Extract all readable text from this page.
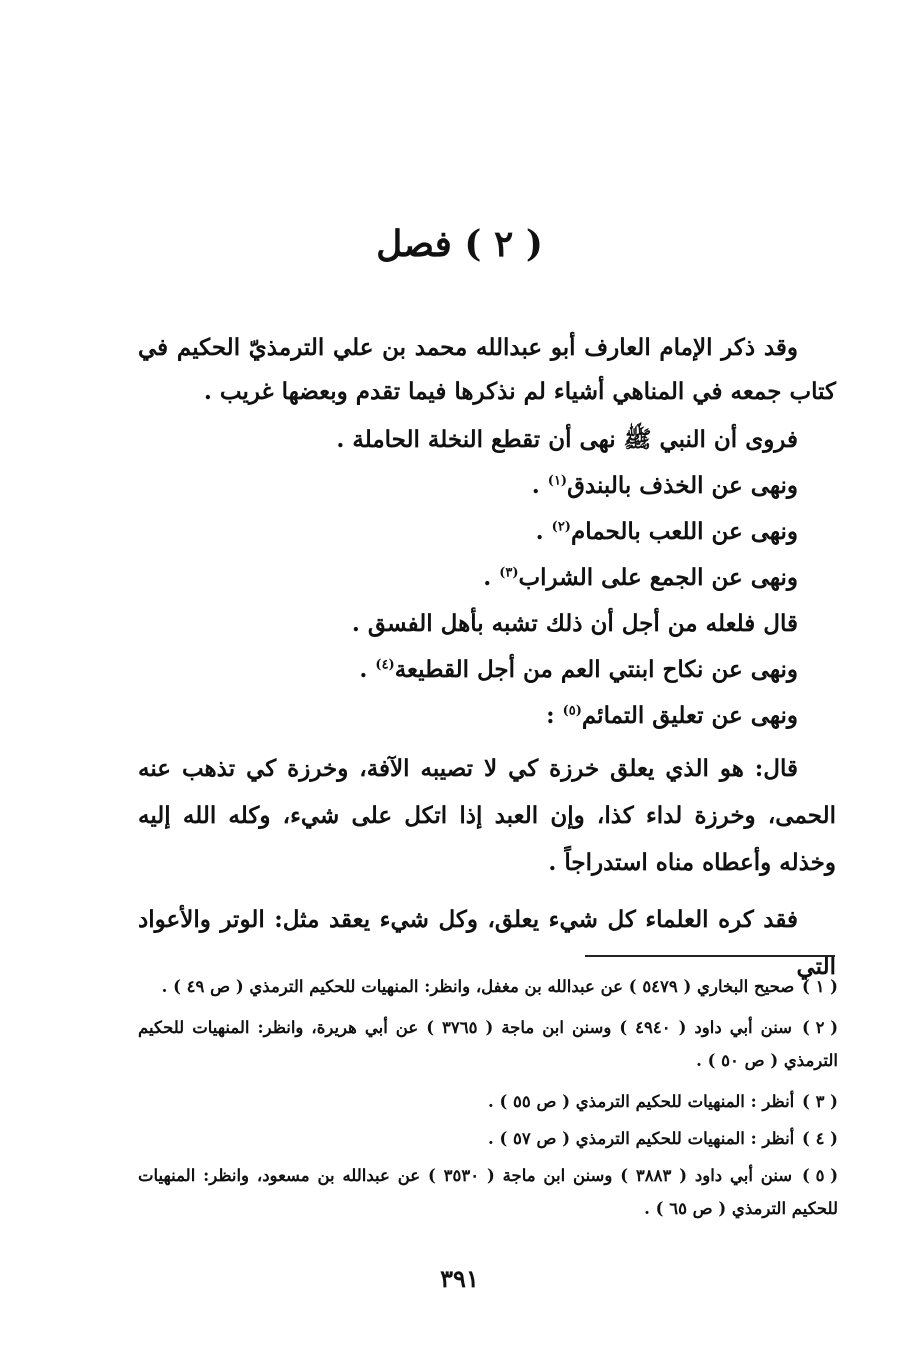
( ٢ ) فصل

وقد ذكر الإمام العارف أبو عبدالله محمد بن علي الترمذيّ الحكيم في كتاب جمعه في المناهي أشياء لم نذكرها فيما تقدم وبعضها غريب .

فروى أن النبي ﷺ نهى أن تقطع النخلة الحاملة .

ونهى عن الخذف بالبندق$^{(١)}$ .

ونهى عن اللعب بالحمام$^{(٢)}$ .

ونهى عن الجمع على الشراب$^{(٣)}$ .

قال فلعله من أجل أن ذلك تشبه بأهل الفسق .

ونهى عن نكاح ابنتي العم من أجل القطيعة$^{(٤)}$ .

ونهى عن تعليق التمائم$^{(٥)}$ :

قال: هو الذي يعلق خرزة كي لا تصيبه الآفة، وخرزة كي تذهب عنه الحمى، وخرزة لداء كذا، وإن العبد إذا اتكل على شيء، وكله الله إليه وخذله وأعطاه مناه استدراجاً .

فقد كره العلماء كل شيء يعلق، وكل شيء يعقد مثل: الوتر والأعواد التي

( ١ ) صحيح البخاري ( ٥٤٧٩ ) عن عبدالله بن مغفل، وانظر: المنهيات للحكيم الترمذي ( ص ٤٩ ) .

( ٢ ) سنن أبي داود ( ٤٩٤٠ ) وسنن ابن ماجة ( ٣٧٦٥ ) عن أبي هريرة، وانظر: المنهيات للحكيم الترمذي ( ص ٥٠ ) .

( ٣ ) أنظر : المنهيات للحكيم الترمذي ( ص ٥٥ ) .

( ٤ ) أنظر : المنهيات للحكيم الترمذي ( ص ٥٧ ) .

( ٥ ) سنن أبي داود ( ٣٨٨٣ ) وسنن ابن ماجة ( ٣٥٣٠ ) عن عبدالله بن مسعود، وانظر: المنهيات للحكيم الترمذي ( ص ٦٥ ) .

٣٩١
